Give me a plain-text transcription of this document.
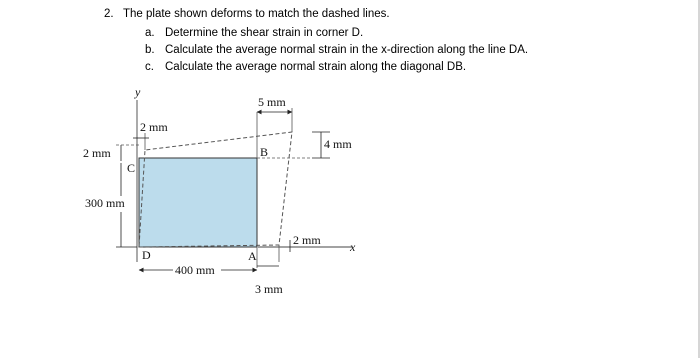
2. The plate shown deforms to match the dashed lines.
a. Determine the shear strain in corner D.
b. Calculate the average normal strain in the x-direction along the line DA.
c. Calculate the average normal strain along the diagonal DB.
2 mm
5 mm
4 mm
2 mm
2 mm
300 mm
400 mm
3 mm
B
C
D	A
y
x
